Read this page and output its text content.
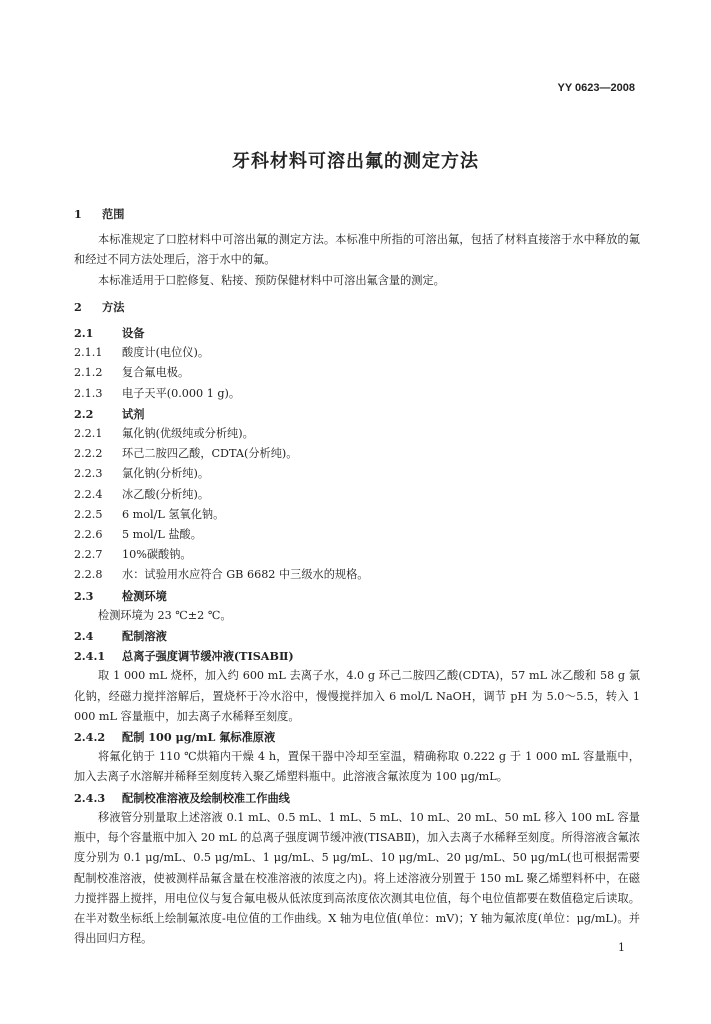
YY 0623—2008
牙科材料可溶出氟的测定方法
1 范围

本标准规定了口腔材料中可溶出氟的测定方法。本标准中所指的可溶出氟，包括了材料直接溶于水中释放的氟和经过不同方法处理后，溶于水中的氟。

本标准适用于口腔修复、粘接、预防保健材料中可溶出氟含量的测定。

2 方法
2.1	设备
2.1.1 酸度计(电位仪)。
2.1.2 复合氟电极。
2.1.3 电子天平(0.000 1 g)。
2.2	试剂
2.2.1 氟化钠(优级纯或分析纯)。
2.2.2 环己二胺四乙酸，CDTA(分析纯)。
2.2.3 氯化钠(分析纯)。
2.2.4 冰乙酸(分析纯)。
2.2.5 6 mol/L 氢氧化钠。
2.2.6 5 mol/L 盐酸。
2.2.7 10%碳酸钠。
2.2.8 水：试验用水应符合 GB 6682 中三级水的规格。
2.3	检测环境
检测环境为 23 ℃±2 ℃。
2.4	配制溶液
2.4.1 总离子强度调节缓冲液(TISABⅡ)

取 1 000 mL 烧杯，加入约 600 mL 去离子水，4.0 g 环己二胺四乙酸(CDTA)，57 mL 冰乙酸和 58 g 氯化钠，经磁力搅拌溶解后，置烧杯于冷水浴中，慢慢搅拌加入 6 mol/L NaOH，调节 pH 为 5.0～5.5，转入 1 000 mL 容量瓶中，加去离子水稀释至刻度。

2.4.2 配制 100 μg/mL 氟标准原液

将氟化钠于 110 ℃烘箱内干燥 4 h，置保干器中冷却至室温，精确称取 0.222 g 于 1 000 mL 容量瓶中，加入去离子水溶解并稀释至刻度转入聚乙烯塑料瓶中。此溶液含氟浓度为 100 μg/mL。

2.4.3 配制校准溶液及绘制校准工作曲线

移液管分别量取上述溶液 0.1 mL、0.5 mL、1 mL、5 mL、10 mL、20 mL、50 mL 移入 100 mL 容量瓶中，每个容量瓶中加入 20 mL 的总离子强度调节缓冲液(TISABⅡ)，加入去离子水稀释至刻度。所得溶液含氟浓度分别为 0.1 μg/mL、0.5 μg/mL、1 μg/mL、5 μg/mL、10 μg/mL、20 μg/mL、50 μg/mL(也可根据需要配制校准溶液，使被测样品氟含量在校准溶液的浓度之内)。将上述溶液分别置于 150 mL 聚乙烯塑料杯中，在磁力搅拌器上搅拌，用电位仪与复合氟电极从低浓度到高浓度依次测其电位值，每个电位值都要在数值稳定后读取。在半对数坐标纸上绘制氟浓度-电位值的工作曲线。X 轴为电位值(单位：mV)；Y 轴为氟浓度(单位：μg/mL)。并得出回归方程。

1
